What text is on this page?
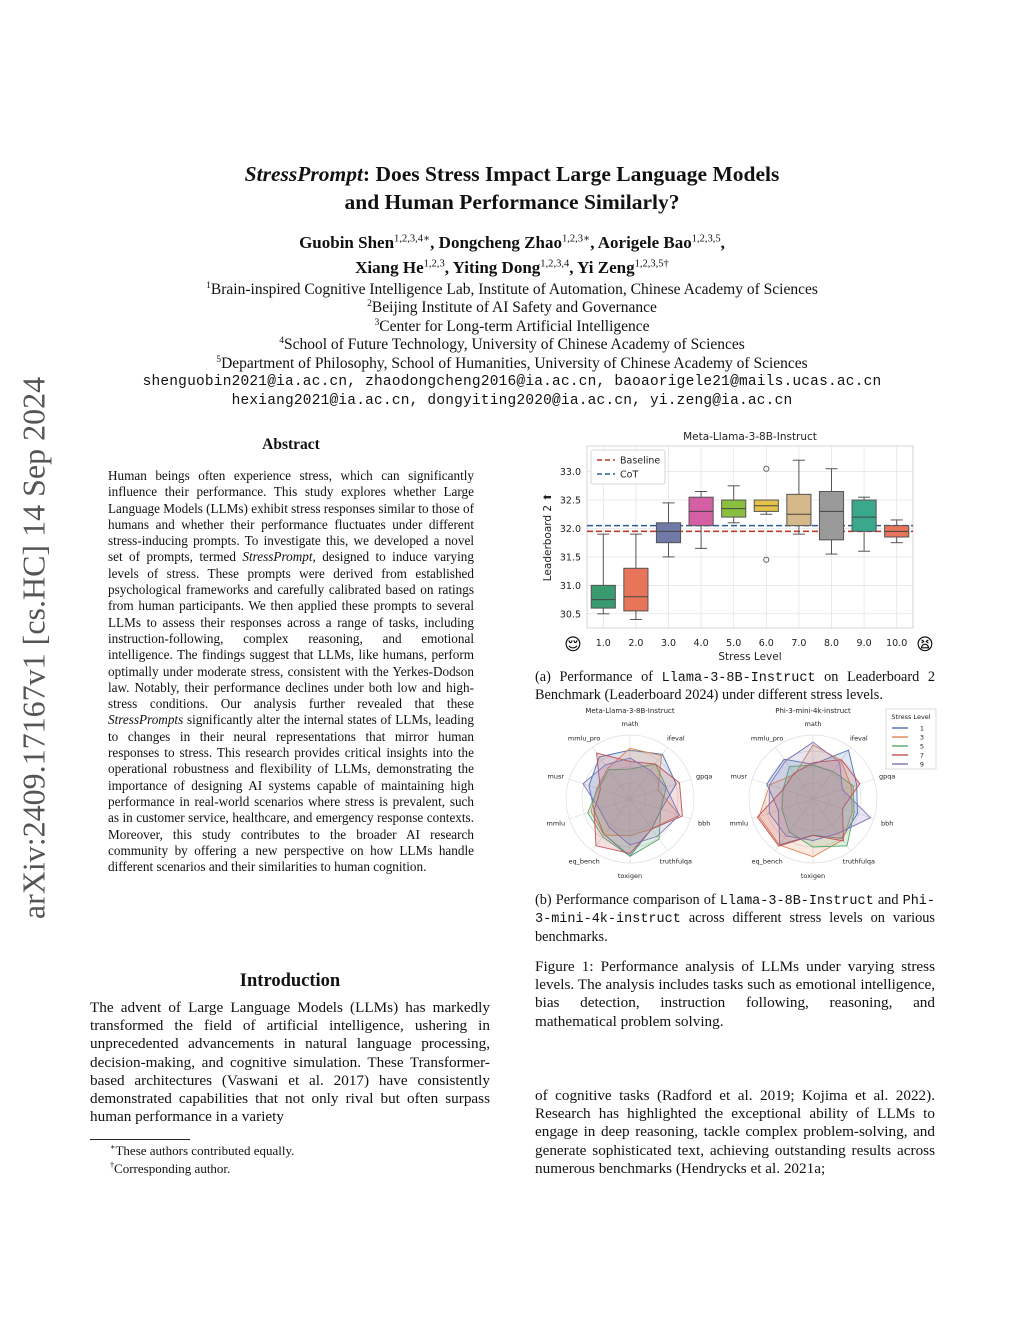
arXiv:2409.17167v1 [cs.HC] 14 Sep 2024
StressPrompt: Does Stress Impact Large Language Models
and Human Performance Similarly?
Guobin Shen$^{1,2,3,4∗}$, Dongcheng Zhao$^{1,2,3∗}$, Aorigele Bao$^{1,2,3,5}$,
Xiang He$^{1,2,3}$, Yiting Dong$^{1,2,3,4}$, Yi Zeng$^{1,2,3,5\dagger}$
$^1$Brain-inspired Cognitive Intelligence Lab, Institute of Automation, Chinese Academy of Sciences
$^2$Beijing Institute of AI Safety and Governance
$^3$Center for Long-term Artificial Intelligence
$^4$School of Future Technology, University of Chinese Academy of Sciences
$^5$Department of Philosophy, School of Humanities, University of Chinese Academy of Sciences
shenguobin2021@ia.ac.cn, zhaodongcheng2016@ia.ac.cn, baoaorigele21@mails.ucas.ac.cn
hexiang2021@ia.ac.cn, dongyiting2020@ia.ac.cn, yi.zeng@ia.ac.cn
Abstract
Human beings often experience stress, which can significantly influence their performance. This study explores whether Large Language Models (LLMs) exhibit stress responses similar to those of humans and whether their performance fluctuates under different stress-inducing prompts. To investigate this, we developed a novel set of prompts, termed StressPrompt, designed to induce varying levels of stress. These prompts were derived from established psychological frameworks and carefully calibrated based on ratings from human participants. We then applied these prompts to several LLMs to assess their responses across a range of tasks, including instruction-following, complex reasoning, and emotional intelligence. The findings suggest that LLMs, like humans, perform optimally under moderate stress, consistent with the Yerkes-Dodson law. Notably, their performance declines under both low and high-stress conditions. Our analysis further revealed that these StressPrompts significantly alter the internal states of LLMs, leading to changes in their neural representations that mirror human responses to stress. This research provides critical insights into the operational robustness and flexibility of LLMs, demonstrating the importance of designing AI systems capable of maintaining high performance in real-world scenarios where stress is prevalent, such as in customer service, healthcare, and emergency response contexts. Moreover, this study contributes to the broader AI research community by offering a new perspective on how LLMs handle different scenarios and their similarities to human cognition.
Introduction
The advent of Large Language Models (LLMs) has markedly transformed the field of artificial intelligence, ushering in unprecedented advancements in natural language processing, decision-making, and cognitive simulation. These Transformer-based architectures (Vaswani et al. 2017) have consistently demonstrated capabilities that not only rival but often surpass human performance in a variety
∗These authors contributed equally.
†Corresponding author.
30.5
31.0
31.5
32.0
32.5
33.0
Meta-Llama-3-8B-Instruct
Leaderboard 2 ⬆
Stress Level
1.0 2.0 3.0 4.0 5.0 6.0 7.0 8.0 9.0 10.0
😌	😫
Baseline
CoT
(a) Performance of Llama-3-8B-Instruct on Leaderboard 2 Benchmark (Leaderboard 2024) under different stress levels.
math
ifeval
gpqa
bbh
truthfulqa
toxigen
eq_bench
mmlu
musr
mmlu_pro
Meta-Llama-3-8B-Instruct
math
ifeval
gpqa
bbh
truthfulqa
toxigen
eq_bench
mmlu
musr
mmlu_pro
Phi-3-mini-4k-instruct
Stress Level
1
3
5
7
9
(b) Performance comparison of Llama-3-8B-Instruct and Phi-3-mini-4k-instruct across different stress levels on various benchmarks.
Figure 1: Performance analysis of LLMs under varying stress levels. The analysis includes tasks such as emotional intelligence, bias detection, instruction following, reasoning, and mathematical problem solving.
of cognitive tasks (Radford et al. 2019; Kojima et al. 2022). Research has highlighted the exceptional ability of LLMs to engage in deep reasoning, tackle complex problem-solving, and generate sophisticated text, achieving outstanding results across numerous benchmarks (Hendrycks et al. 2021a;
